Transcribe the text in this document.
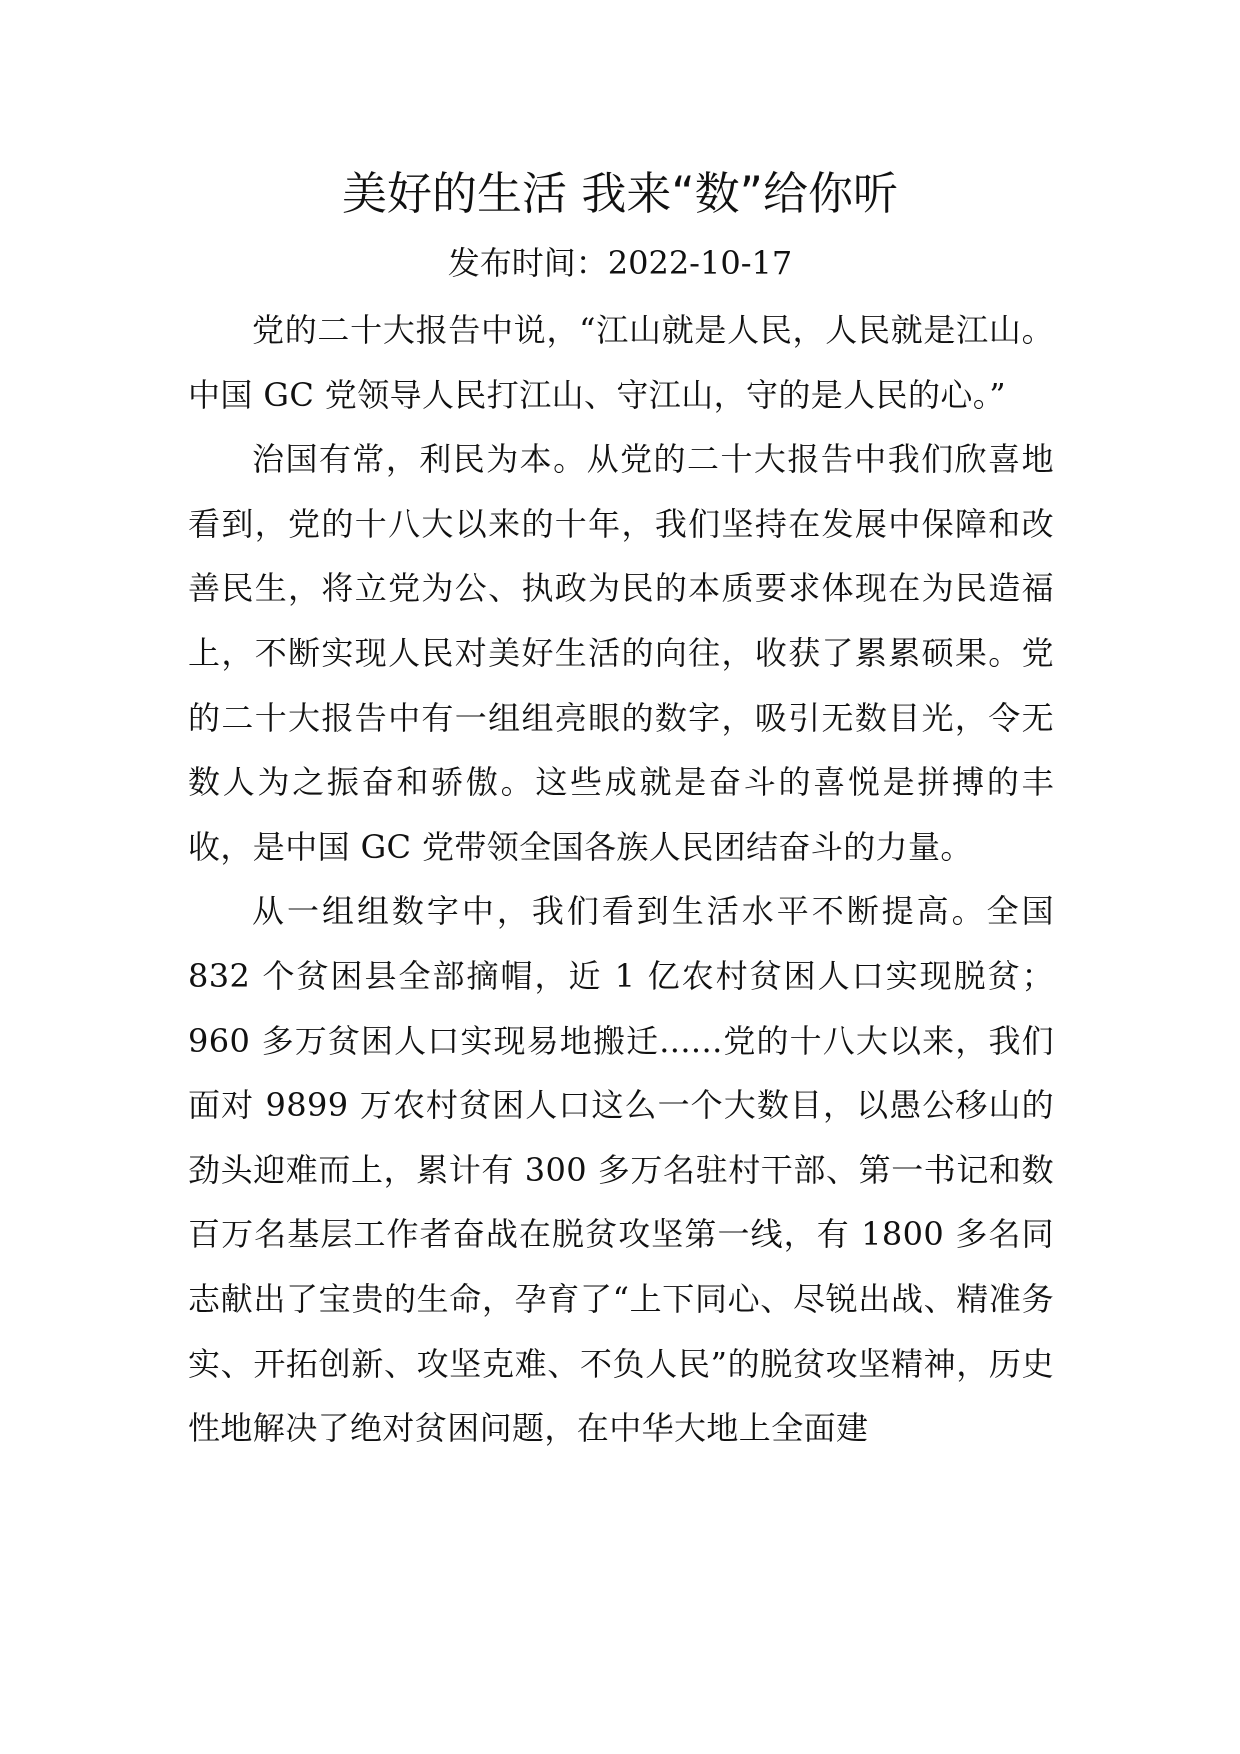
美好的生活 我来“数”给你听
发布时间：2022-10-17

党的二十大报告中说，“江山就是人民，人民就是江山。中国 GC 党领导人民打江山、守江山，守的是人民的心。”

治国有常，利民为本。从党的二十大报告中我们欣喜地看到，党的十八大以来的十年，我们坚持在发展中保障和改善民生，将立党为公、执政为民的本质要求体现在为民造福上，不断实现人民对美好生活的向往，收获了累累硕果。党的二十大报告中有一组组亮眼的数字，吸引无数目光，令无数人为之振奋和骄傲。这些成就是奋斗的喜悦是拼搏的丰收，是中国 GC 党带领全国各族人民团结奋斗的力量。

从一组组数字中，我们看到生活水平不断提高。全国 832 个贫困县全部摘帽，近 1 亿农村贫困人口实现脱贫；960 多万贫困人口实现易地搬迁......党的十八大以来，我们面对 9899 万农村贫困人口这么一个大数目，以愚公移山的劲头迎难而上，累计有 300 多万名驻村干部、第一书记和数百万名基层工作者奋战在脱贫攻坚第一线，有 1800 多名同志献出了宝贵的生命，孕育了“上下同心、尽锐出战、精准务实、开拓创新、攻坚克难、不负人民”的脱贫攻坚精神，历史性地解决了绝对贫困问题，在中华大地上全面建
